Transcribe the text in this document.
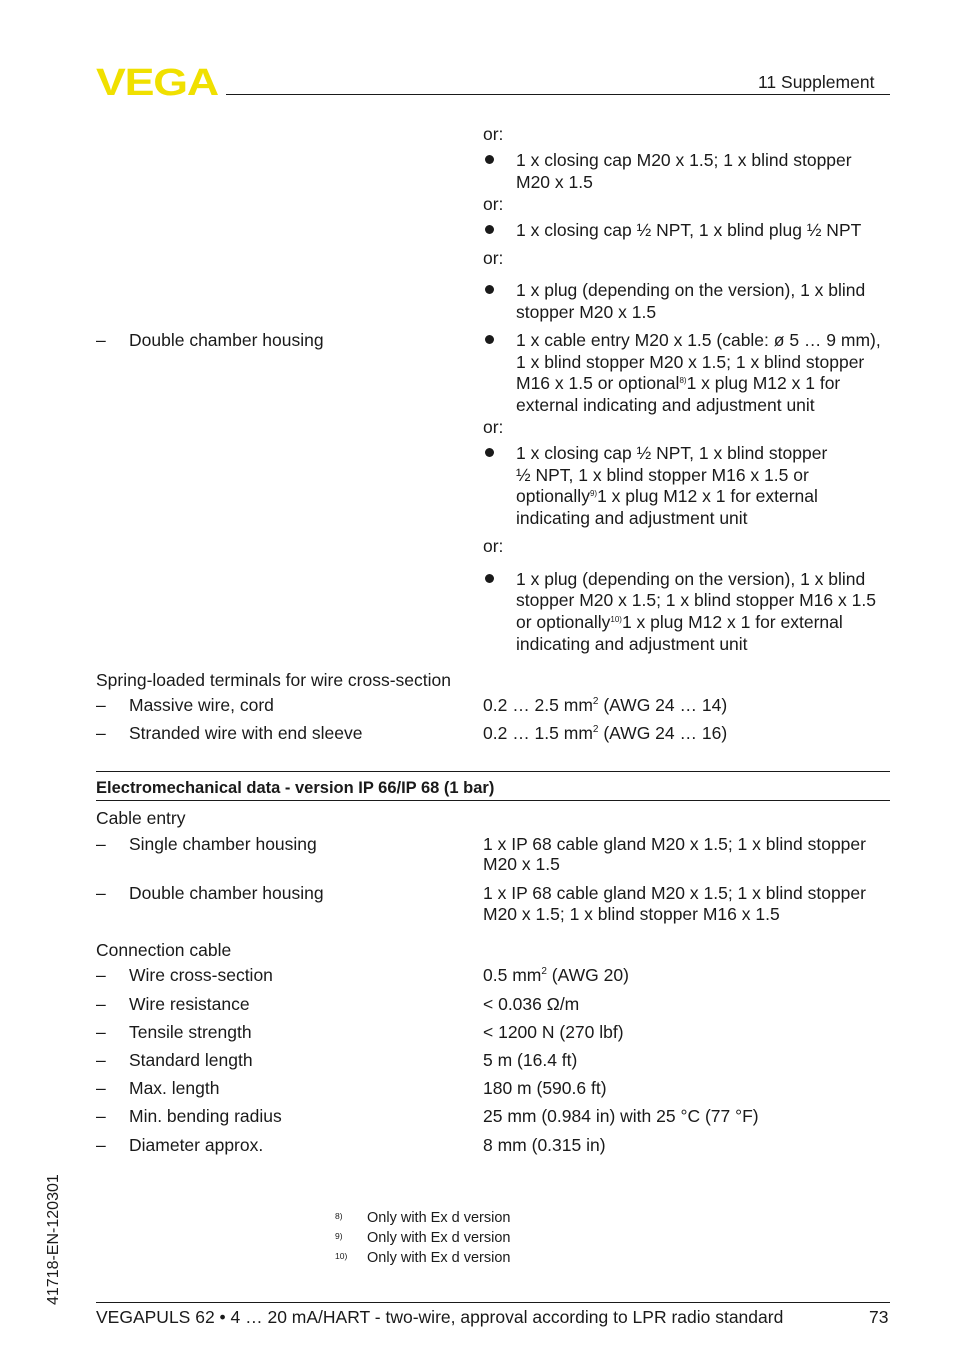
VEGA	11 Supplement
or:
1 x closing cap M20 x 1.5; 1 x blind stopper
M20 x 1.5
or:
1 x closing cap ½ NPT, 1 x blind plug ½ NPT
or:
1 x plug (depending on the version), 1 x blind
stopper M20 x 1.5
– Double chamber housing	1 x cable entry M20 x 1.5 (cable: ø 5 … 9 mm),
1 x blind stopper M20 x 1.5; 1 x blind stopper
M16 x 1.5 or optional$^{8)}$1 x plug M12 x 1 for
external indicating and adjustment unit
or:
1 x closing cap ½ NPT, 1 x blind stopper
½ NPT, 1 x blind stopper M16 x 1.5 or
optionally$^{9)}$1 x plug M12 x 1 for external
indicating and adjustment unit
or:
1 x plug (depending on the version), 1 x blind
stopper M20 x 1.5; 1 x blind stopper M16 x 1.5
or optionally$^{10)}$1 x plug M12 x 1 for external
indicating and adjustment unit
Spring-loaded terminals for wire cross-section
– Massive wire, cord	0.2 … 2.5 $mm^2$ (AWG 24 … 14)
– Stranded wire with end sleeve	0.2 … 1.5 $mm^2$ (AWG 24 … 16)
Electromechanical data - version IP 66/IP 68 (1 bar)
Cable entry
– Single chamber housing	1 x IP 68 cable gland M20 x 1.5; 1 x blind stopper
M20 x 1.5
– Double chamber housing	1 x IP 68 cable gland M20 x 1.5; 1 x blind stopper
M20 x 1.5; 1 x blind stopper M16 x 1.5
Connection cable
– Wire cross-section	0.5 $mm^2$ (AWG 20)
– Wire resistance	< 0.036 Ω/m
– Tensile strength	< 1200 N (270 lbf)
– Standard length	5 m (16.4 ft)
– Max. length	180 m (590.6 ft)
– Min. bending radius	25 mm (0.984 in) with 25 °C (77 °F)
– Diameter approx.	8 mm (0.315 in)
8) Only with Ex d version
9) Only with Ex d version
10) Only with Ex d version
41718-EN-120301
VEGAPULS 62 • 4 … 20 mA/HART - two-wire, approval according to LPR radio standard	73
